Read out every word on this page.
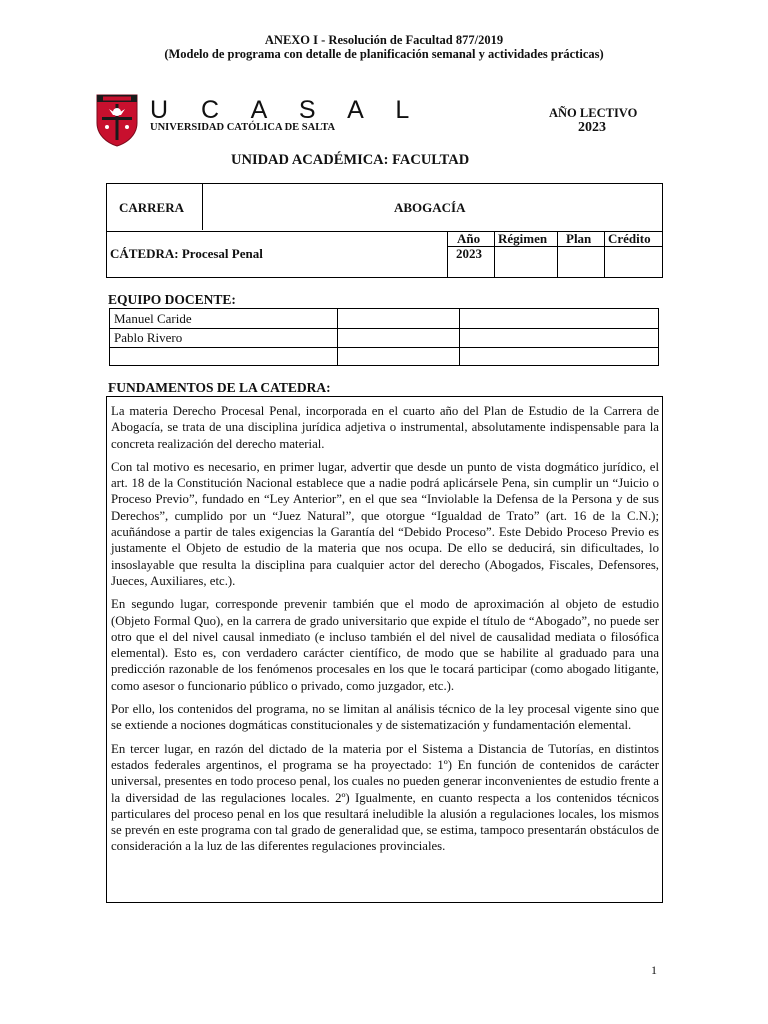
ANEXO I - Resolución de Facultad 877/2019
(Modelo de programa con detalle de planificación semanal y actividades prácticas)
U C A S A L
UNIVERSIDAD CATÓLICA DE SALTA
AÑO LECTIVO
2023
UNIDAD ACADÉMICA: FACULTAD
CARRERA	ABOGACÍA
CÁTEDRA: Procesal Penal
Año Régimen Plan Crédito
2023
EQUIPO DOCENTE:
Manuel Caride
Pablo Rivero
FUNDAMENTOS DE LA CATEDRA:

La materia Derecho Procesal Penal, incorporada en el cuarto año del Plan de Estudio de la Carrera de Abogacía, se trata de una disciplina jurídica adjetiva o instrumental, absolutamente indispensable para la concreta realización del derecho material.

Con tal motivo es necesario, en primer lugar, advertir que desde un punto de vista dogmático jurídico, el art. 18 de la Constitución Nacional establece que a nadie podrá aplicársele Pena, sin cumplir un “Juicio o Proceso Previo”, fundado en “Ley Anterior”, en el que sea “Inviolable la Defensa de la Persona y de sus Derechos”, cumplido por un “Juez Natural”, que otorgue “Igualdad de Trato” (art. 16 de la C.N.); acuñándose a partir de tales exigencias la Garantía del “Debido Proceso”. Este Debido Proceso Previo es justamente el Objeto de estudio de la materia que nos ocupa. De ello se deducirá, sin dificultades, lo insoslayable que resulta la disciplina para cualquier actor del derecho (Abogados, Fiscales, Defensores, Jueces, Auxiliares, etc.).

En segundo lugar, corresponde prevenir también que el modo de aproximación al objeto de estudio (Objeto Formal Quo), en la carrera de grado universitario que expide el título de “Abogado”, no puede ser otro que el del nivel causal inmediato (e incluso también el del nivel de causalidad mediata o filosófica elemental). Esto es, con verdadero carácter científico, de modo que se habilite al graduado para una predicción razonable de los fenómenos procesales en los que le tocará participar (como abogado litigante, como asesor o funcionario público o privado, como juzgador, etc.).

Por ello, los contenidos del programa, no se limitan al análisis técnico de la ley procesal vigente sino que se extiende a nociones dogmáticas constitucionales y de sistematización y fundamentación elemental.

En tercer lugar, en razón del dictado de la materia por el Sistema a Distancia de Tutorías, en distintos estados federales argentinos, el programa se ha proyectado: 1º) En función de contenidos de carácter universal, presentes en todo proceso penal, los cuales no pueden generar inconvenientes de estudio frente a la diversidad de las regulaciones locales. 2º) Igualmente, en cuanto respecta a los contenidos técnicos particulares del proceso penal en los que resultará ineludible la alusión a regulaciones locales, los mismos se prevén en este programa con tal grado de generalidad que, se estima, tampoco presentarán obstáculos de consideración a la luz de las diferentes regulaciones provinciales.

1
